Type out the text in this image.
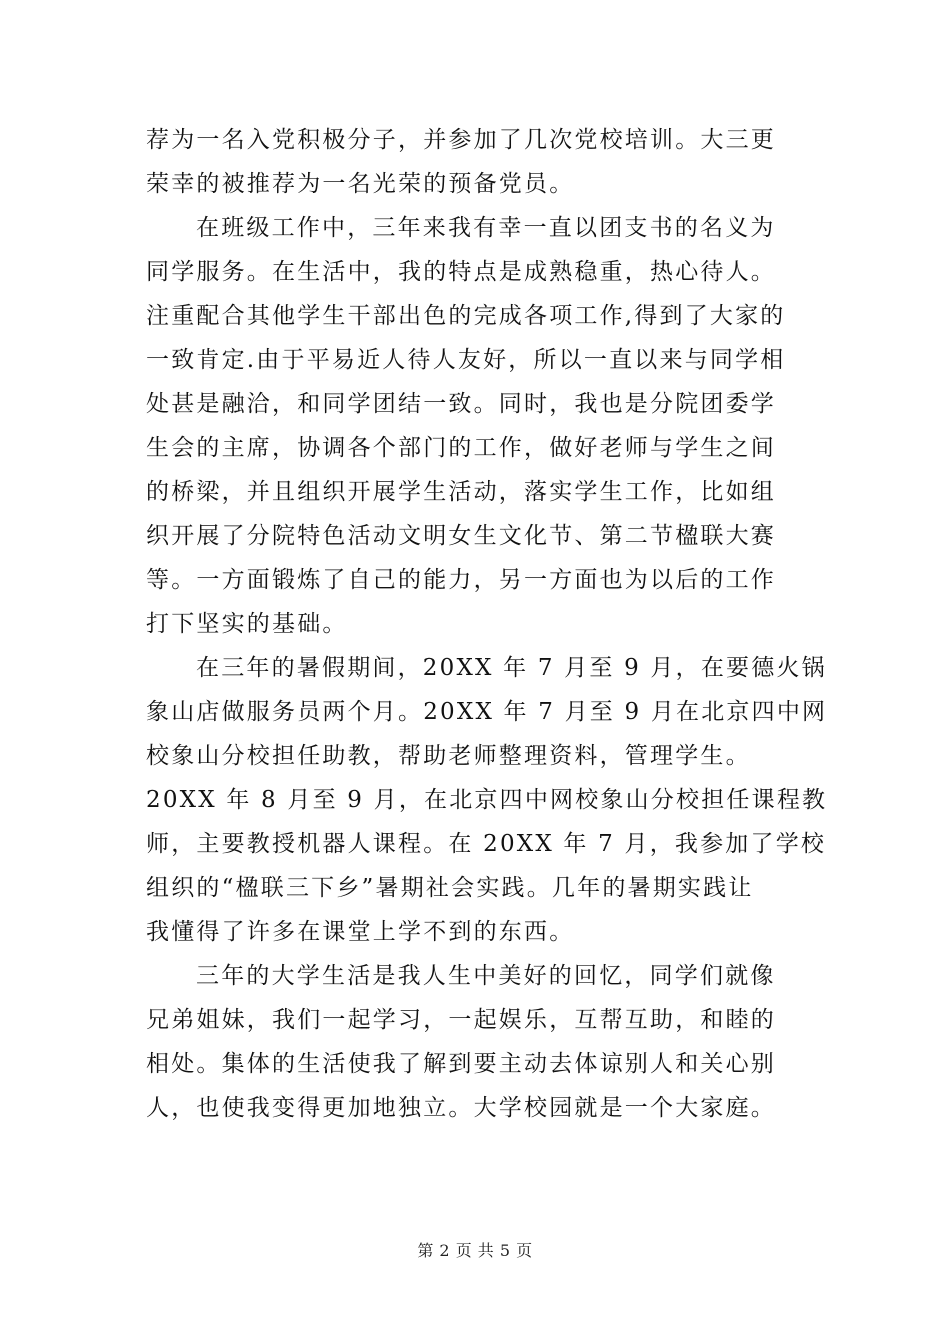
荐为一名入党积极分子，并参加了几次党校培训。大三更
荣幸的被推荐为一名光荣的预备党员。
在班级工作中，三年来我有幸一直以团支书的名义为
同学服务。在生活中，我的特点是成熟稳重，热心待人。
注重配合其他学生干部出色的完成各项工作,得到了大家的
一致肯定.由于平易近人待人友好，所以一直以来与同学相
处甚是融洽，和同学团结一致。同时，我也是分院团委学
生会的主席，协调各个部门的工作，做好老师与学生之间
的桥梁，并且组织开展学生活动，落实学生工作，比如组
织开展了分院特色活动文明女生文化节、第二节楹联大赛
等。一方面锻炼了自己的能力，另一方面也为以后的工作
打下坚实的基础。
在三年的暑假期间，20XX 年 7 月至 9 月，在要德火锅
象山店做服务员两个月。20XX 年 7 月至 9 月在北京四中网
校象山分校担任助教，帮助老师整理资料，管理学生。
20XX 年 8 月至 9 月，在北京四中网校象山分校担任课程教
师，主要教授机器人课程。在 20XX 年 7 月，我参加了学校
组织的“楹联三下乡”暑期社会实践。几年的暑期实践让
我懂得了许多在课堂上学不到的东西。
三年的大学生活是我人生中美好的回忆，同学们就像
兄弟姐妹，我们一起学习，一起娱乐，互帮互助，和睦的
相处。集体的生活使我了解到要主动去体谅别人和关心别
人，也使我变得更加地独立。大学校园就是一个大家庭。
第 2 页 共 5 页
